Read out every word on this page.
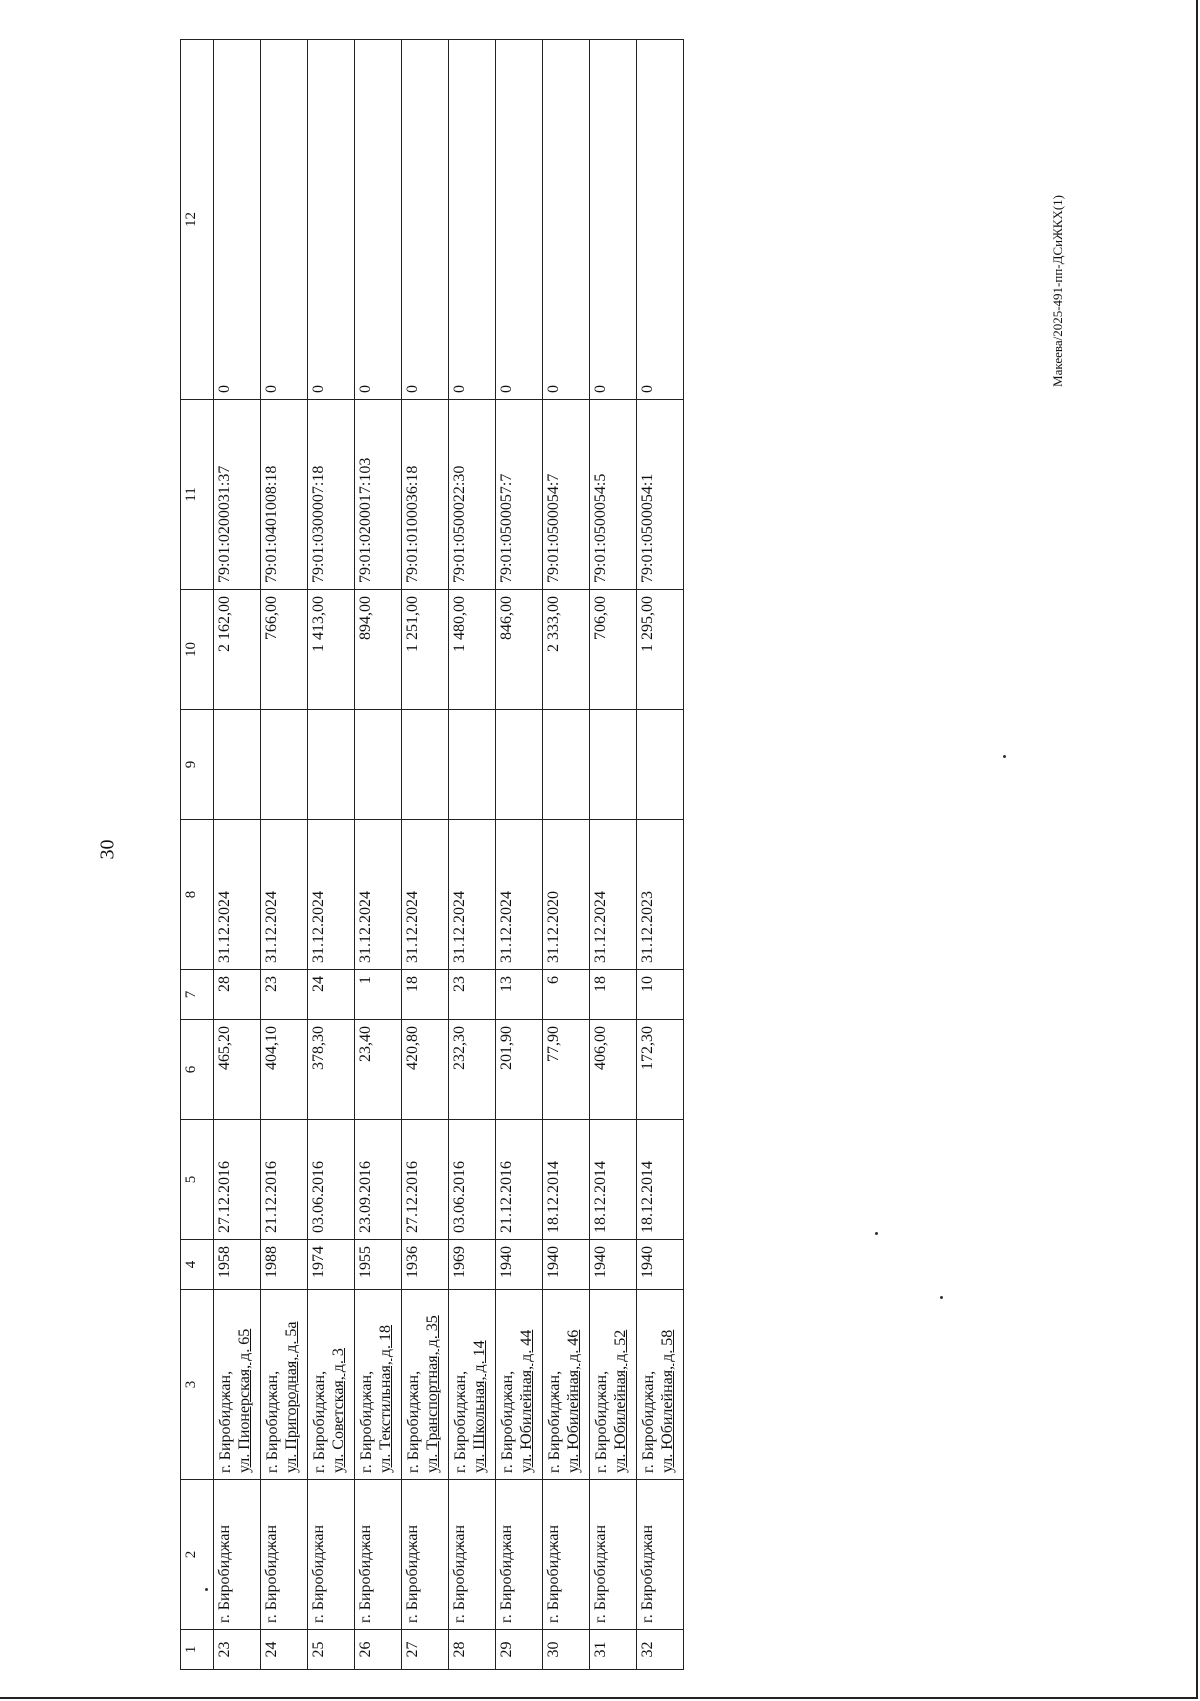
30
1	2	3	4	5	6	7	8	9	10	11	12
23	г. Биробиджан	г. Биробиджан, ул. Пионерская, д. 65	1958	27.12.2016	465,20	28	31.12.2024		2 162,00	79:01:0200031:37	0
24	г. Биробиджан	г. Биробиджан, ул. Пригородная, д. 5а	1988	21.12.2016	404,10	23	31.12.2024		766,00	79:01:0401008:18	0
25	г. Биробиджан	г. Биробиджан, ул. Советская, д. 3	1974	03.06.2016	378,30	24	31.12.2024		1 413,00	79:01:0300007:18	0
26	г. Биробиджан	г. Биробиджан, ул. Текстильная, д. 18	1955	23.09.2016	23,40	1	31.12.2024		894,00	79:01:0200017:103	0
27	г. Биробиджан	г. Биробиджан, ул. Транспортная, д. 35	1936	27.12.2016	420,80	18	31.12.2024		1 251,00	79:01:0100036:18	0
28	г. Биробиджан	г. Биробиджан, ул. Школьная, д. 14	1969	03.06.2016	232,30	23	31.12.2024		1 480,00	79:01:0500022:30	0
29	г. Биробиджан	г. Биробиджан, ул. Юбилейная, д. 44	1940	21.12.2016	201,90	13	31.12.2024		846,00	79:01:0500057:7	0
30	г. Биробиджан	г. Биробиджан, ул. Юбилейная, д. 46	1940	18.12.2014	77,90	6	31.12.2020		2 333,00	79:01:0500054:7	0
31	г. Биробиджан	г. Биробиджан, ул. Юбилейная, д. 52	1940	18.12.2014	406,00	18	31.12.2024		706,00	79:01:0500054:5	0
32	г. Биробиджан	г. Биробиджан, ул. Юбилейная, д. 58	1940	18.12.2014	172,30	10	31.12.2023		1 295,00	79:01:0500054:1	0
Макеева/2025-491-пп-ДСиЖКХ(1)
